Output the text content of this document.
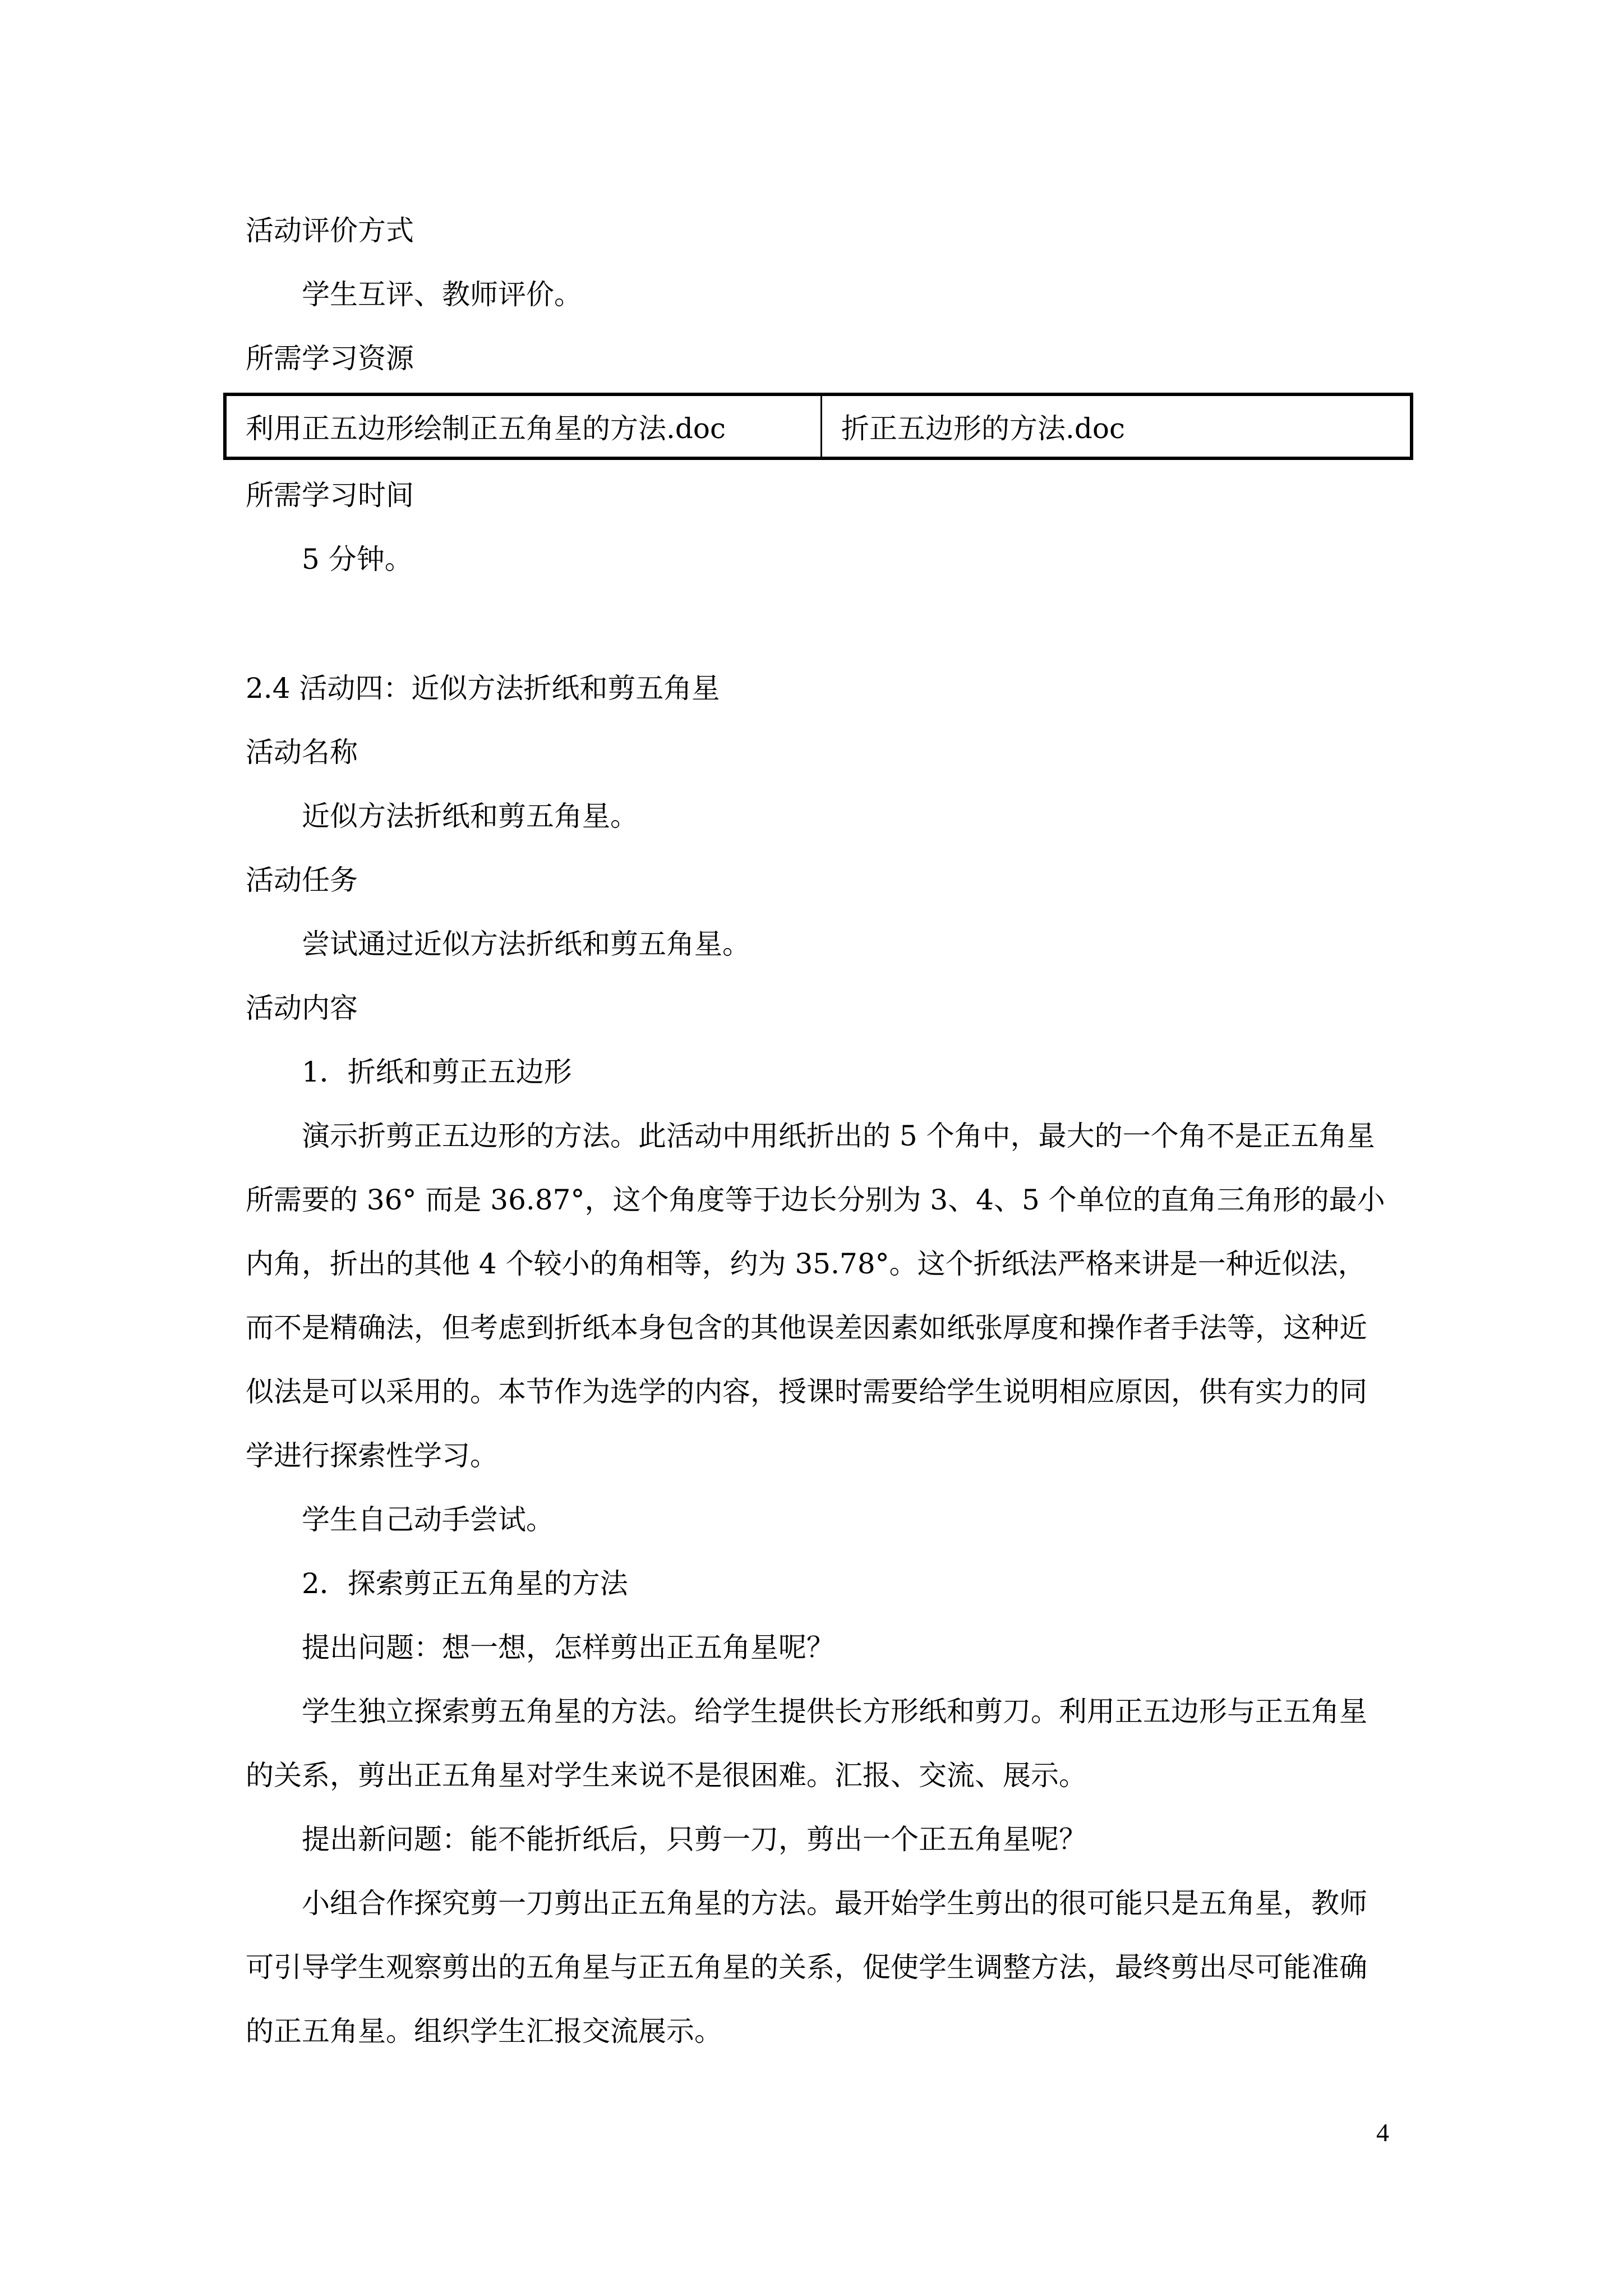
活动评价方式
学生互评、教师评价。
所需学习资源
利用正五边形绘制正五角星的方法.doc	折正五边形的方法.doc
所需学习时间
5 分钟。
2.4 活动四：近似方法折纸和剪五角星
活动名称
近似方法折纸和剪五角星。
活动任务
尝试通过近似方法折纸和剪五角星。
活动内容
1．折纸和剪正五边形
演示折剪正五边形的方法。此活动中用纸折出的 5 个角中，最大的一个角不是正五角星
所需要的 36° 而是 36.87°，这个角度等于边长分别为 3、4、5 个单位的直角三角形的最小
内角，折出的其他 4 个较小的角相等，约为 35.78°。这个折纸法严格来讲是一种近似法，
而不是精确法，但考虑到折纸本身包含的其他误差因素如纸张厚度和操作者手法等，这种近
似法是可以采用的。本节作为选学的内容，授课时需要给学生说明相应原因，供有实力的同
学进行探索性学习。
学生自己动手尝试。
2．探索剪正五角星的方法
提出问题：想一想，怎样剪出正五角星呢？
学生独立探索剪五角星的方法。给学生提供长方形纸和剪刀。利用正五边形与正五角星
的关系，剪出正五角星对学生来说不是很困难。汇报、交流、展示。
提出新问题：能不能折纸后，只剪一刀，剪出一个正五角星呢？
小组合作探究剪一刀剪出正五角星的方法。最开始学生剪出的很可能只是五角星，教师
可引导学生观察剪出的五角星与正五角星的关系，促使学生调整方法，最终剪出尽可能准确
的正五角星。组织学生汇报交流展示。
4
